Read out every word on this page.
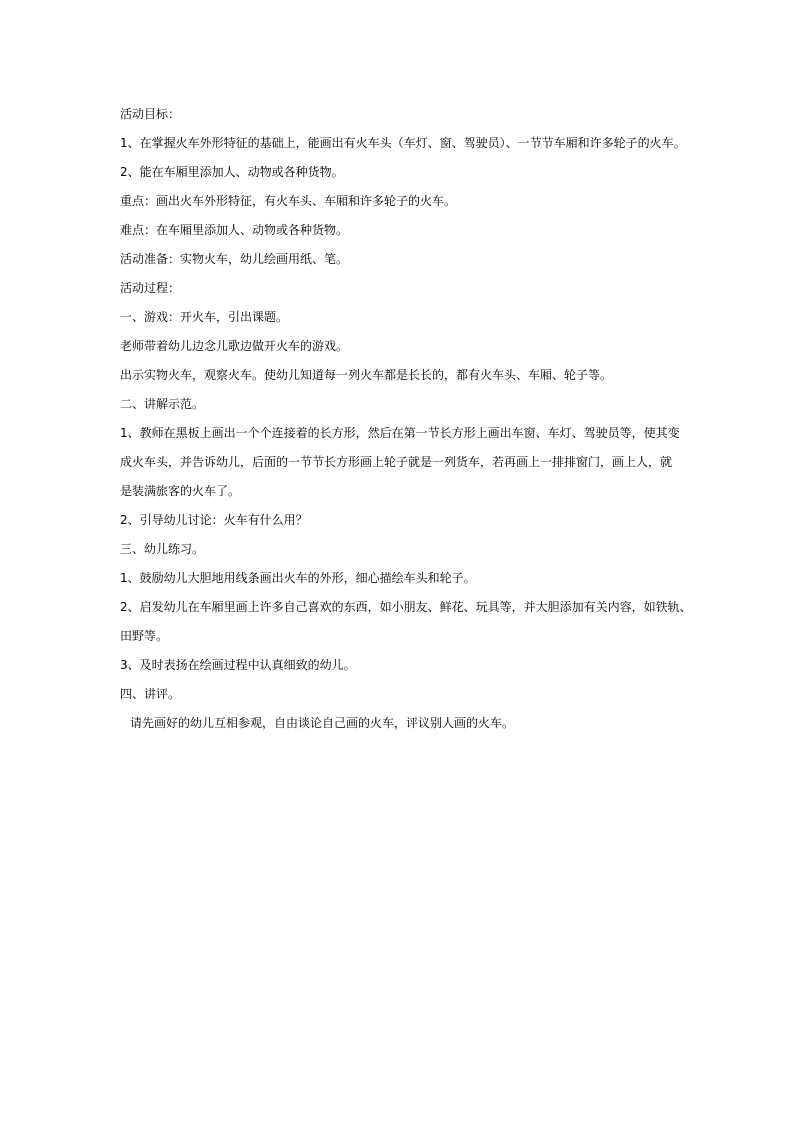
活动目标：
1、在掌握火车外形特征的基础上，能画出有火车头（车灯、窗、驾驶员）、一节节车厢和许多轮子的火车。
2、能在车厢里添加人、动物或各种货物。
重点：画出火车外形特征，有火车头、车厢和许多轮子的火车。
难点：在车厢里添加人、动物或各种货物。
活动准备：实物火车，幼儿绘画用纸、笔。
活动过程：
一、游戏：开火车，引出课题。
老师带着幼儿边念儿歌边做开火车的游戏。
出示实物火车，观察火车。使幼儿知道每一列火车都是长长的，都有火车头、车厢、轮子等。
二、讲解示范。
1、教师在黑板上画出一个个连接着的长方形，然后在第一节长方形上画出车窗、车灯、驾驶员等，使其变
成火车头，并告诉幼儿，后面的一节节长方形画上轮子就是一列货车，若再画上一排排窗门，画上人，就
是装满旅客的火车了。
2、引导幼儿讨论：火车有什么用？
三、幼儿练习。
1、鼓励幼儿大胆地用线条画出火车的外形，细心描绘车头和轮子。
2、启发幼儿在车厢里画上许多自己喜欢的东西，如小朋友、鲜花、玩具等，并大胆添加有关内容，如铁轨、
田野等。
3、及时表扬在绘画过程中认真细致的幼儿。
四、讲评。
请先画好的幼儿互相参观，自由谈论自己画的火车，评议别人画的火车。
